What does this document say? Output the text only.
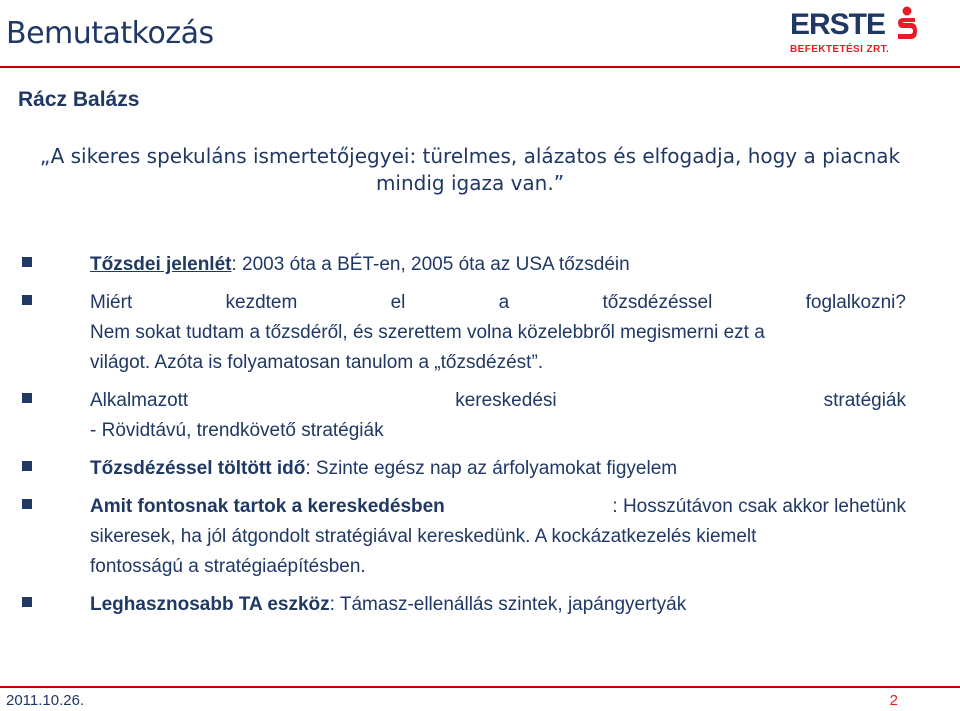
Bemutatkozás	ERSTE
BEFEKTETÉSI ZRT.
Rácz Balázs
„A sikeres spekuláns ismertetőjegyei: türelmes, alázatos és elfogadja, hogy a piacnak
mindig igaza van.”
Tőzsdei jelenlét: 2003 óta a BÉT-en, 2005 óta az USA tőzsdéin
Miért	kezdtem	el	a	tőzsdézéssel	foglalkozni?
Nem sokat tudtam a tőzsdéről, és szerettem volna közelebbről megismerni ezt a
világot. Azóta is folyamatosan tanulom a „tőzsdézést”.
Alkalmazott	kereskedési	stratégiák
- Rövidtávú, trendkövető stratégiák
Tőzsdézéssel töltött idő: Szinte egész nap az árfolyamokat figyelem
Amit fontosnak tartok a kereskedésben	: Hosszútávon csak akkor lehetünk
sikeresek, ha jól átgondolt stratégiával kereskedünk. A kockázatkezelés kiemelt
fontosságú a stratégiaépítésben.
Leghasznosabb TA eszköz: Támasz-ellenállás szintek, japángyertyák
2011.10.26.	2
